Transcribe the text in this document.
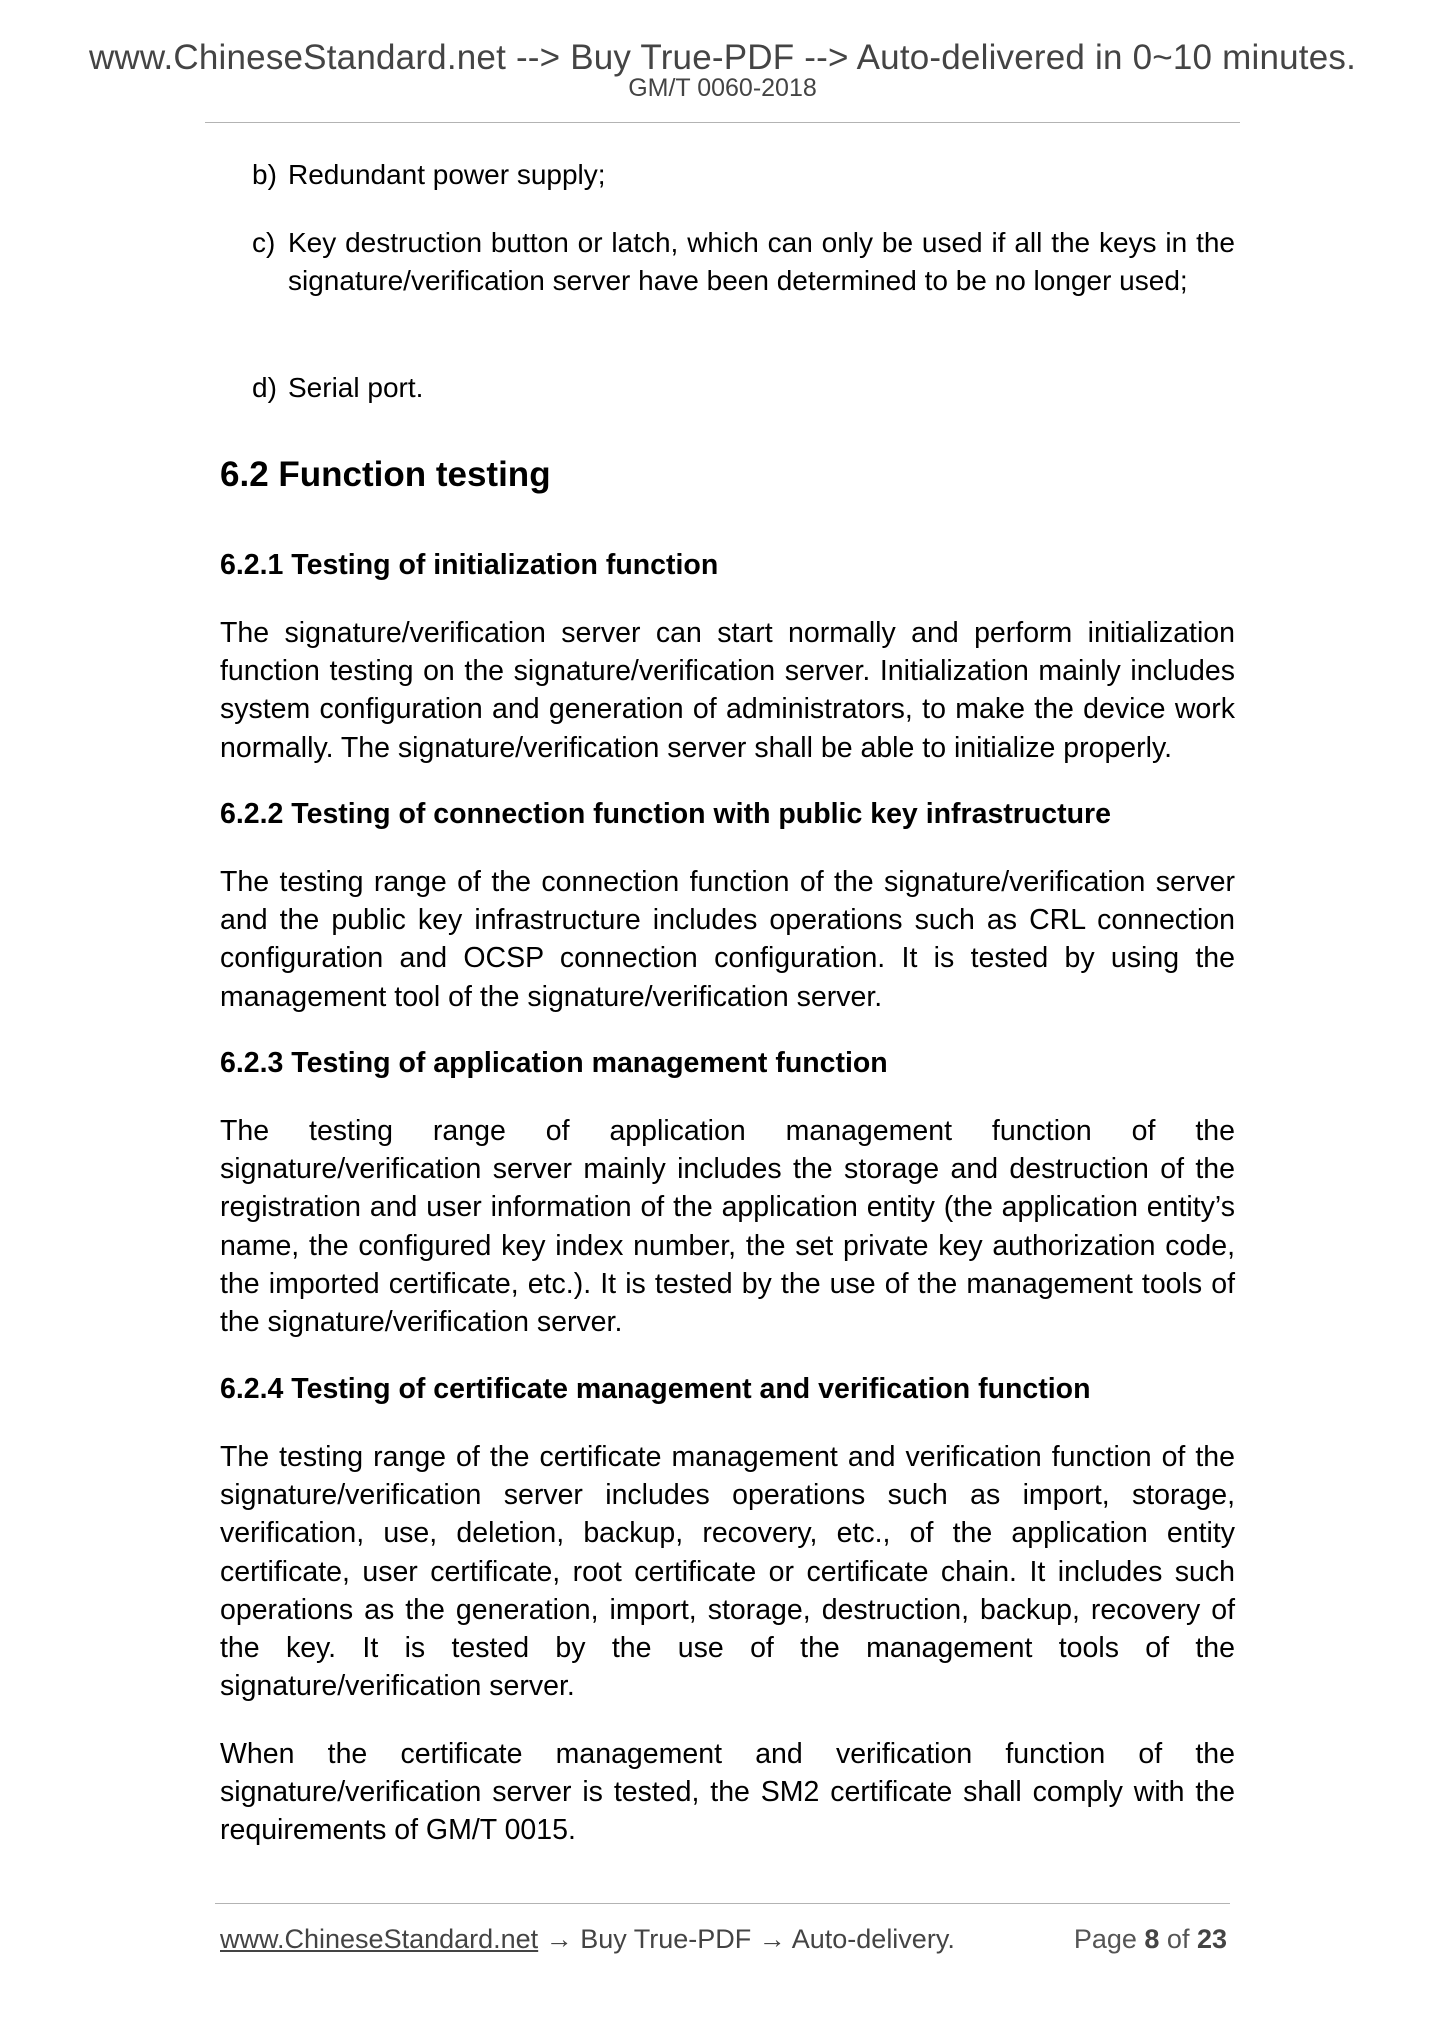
www.ChineseStandard.net --> Buy True-PDF --> Auto-delivered in 0~10 minutes.
GM/T 0060-2018
b) Redundant power supply;
c) Key destruction button or latch, which can only be used if all the keys in the signature/verification server have been determined to be no longer used;
d) Serial port.
6.2 Function testing
6.2.1 Testing of initialization function
The signature/verification server can start normally and perform initialization function testing on the signature/verification server. Initialization mainly includes system configuration and generation of administrators, to make the device work normally. The signature/verification server shall be able to initialize properly.
6.2.2 Testing of connection function with public key infrastructure
The testing range of the connection function of the signature/verification server and the public key infrastructure includes operations such as CRL connection configuration and OCSP connection configuration. It is tested by using the management tool of the signature/verification server.
6.2.3 Testing of application management function
The testing range of application management function of the signature/verification server mainly includes the storage and destruction of the registration and user information of the application entity (the application entity’s name, the configured key index number, the set private key authorization code, the imported certificate, etc.). It is tested by the use of the management tools of the signature/verification server.
6.2.4 Testing of certificate management and verification function
The testing range of the certificate management and verification function of the signature/verification server includes operations such as import, storage, verification, use, deletion, backup, recovery, etc., of the application entity certificate, user certificate, root certificate or certificate chain. It includes such operations as the generation, import, storage, destruction, backup, recovery of the key. It is tested by the use of the management tools of the signature/verification server.
When the certificate management and verification function of the signature/verification server is tested, the SM2 certificate shall comply with the requirements of GM/T 0015.
www.ChineseStandard.net → Buy True-PDF → Auto-delivery.	Page 8 of 23
